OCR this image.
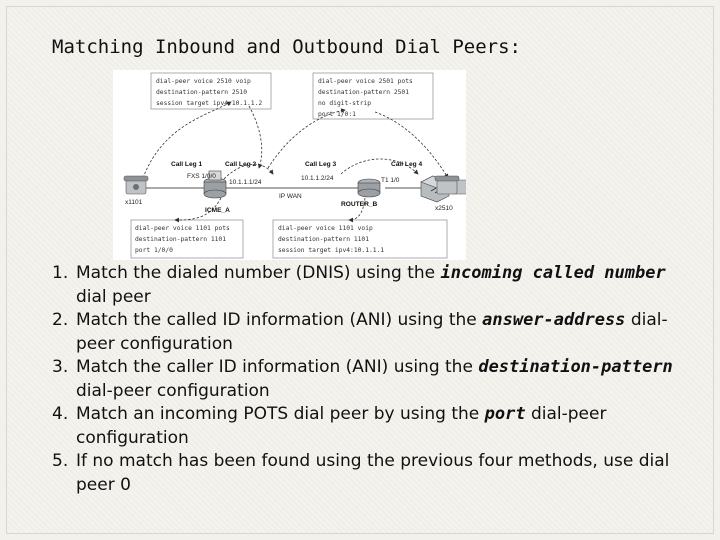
Matching Inbound and Outbound Dial Peers:
dial-peer voice 2510 voip
destination-pattern 2510
session target ipv4:10.1.1.2
dial-peer voice 2501 pots
destination-pattern 2501
no digit-strip
port 1/0:1
dial-peer voice 1101 pots
destination-pattern 1101
port 1/0/0
dial-peer voice 1101 voip
destination-pattern 1101
session target ipv4:10.1.1.1
Call Leg 1	Call Leg 2	Call Leg 3	Call Leg 4
x1101
FXS 1/0/0
10.1.1.1/24
ICME_A
10.1.1.2/24	T1 1/0
IP WAN
ROUTER_B
x2510
1. Match the dialed number (DNIS) using the incoming called number dial peer
2. Match the called ID information (ANI) using the answer-address dial-peer configuration
3. Match the caller ID information (ANI) using the destination-pattern dial-peer configuration
4. Match an incoming POTS dial peer by using the port dial-peer configuration
5. If no match has been found using the previous four methods, use dial peer 0
